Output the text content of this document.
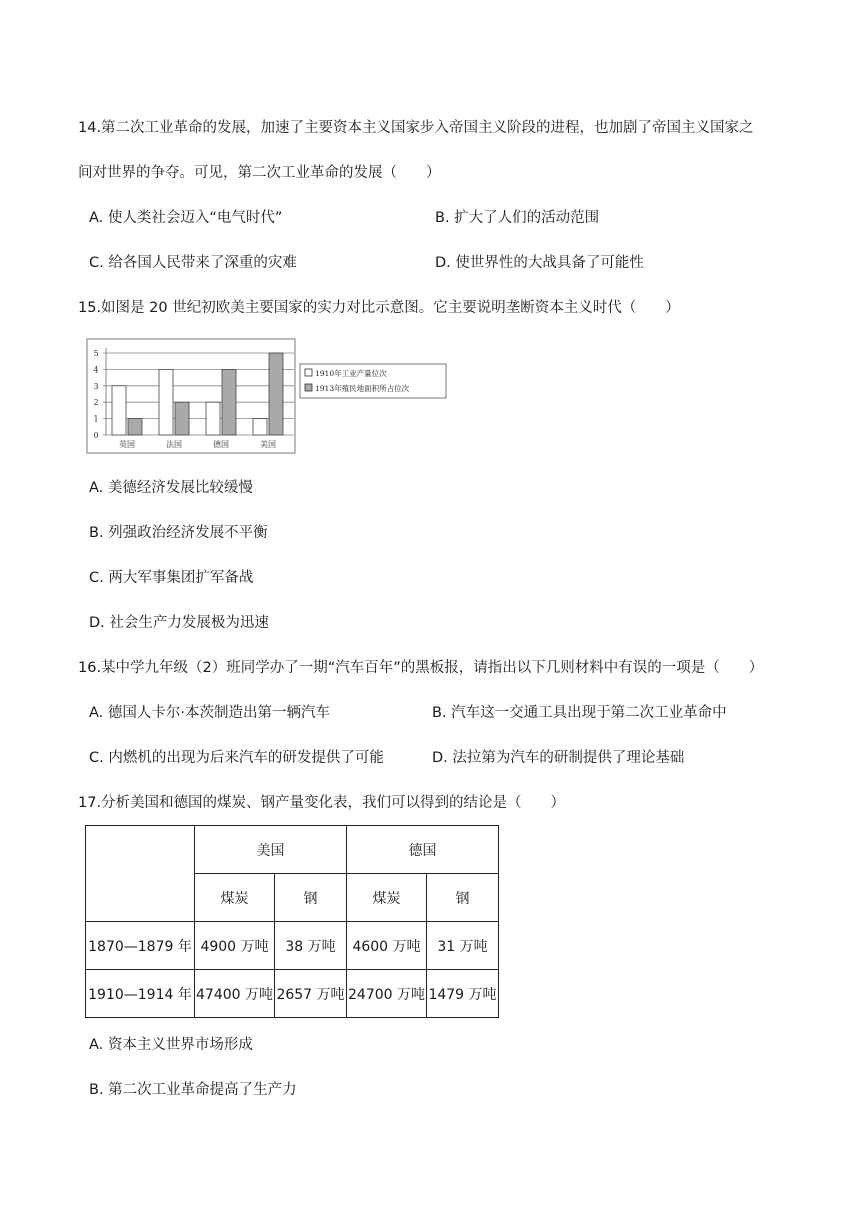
14.第二次工业革命的发展，加速了主要资本主义国家步入帝国主义阶段的进程，也加剧了帝国主义国家之
间对世界的争夺。可见，第二次工业革命的发展（　　）
A. 使人类社会迈入“电气时代”	B. 扩大了人们的活动范围
C. 给各国人民带来了深重的灾难	D. 使世界性的大战具备了可能性
15.如图是 20 世纪初欧美主要国家的实力对比示意图。它主要说明垄断资本主义时代（　　）
0
1
2
3
4
5
英国	法国	德国	美国
1910年工业产量位次
1913年殖民地面积所占位次
A. 美德经济发展比较缓慢
B. 列强政治经济发展不平衡
C. 两大军事集团扩军备战
D. 社会生产力发展极为迅速
16.某中学九年级（2）班同学办了一期“汽车百年”的黑板报，请指出以下几则材料中有误的一项是（　　）
A. 德国人卡尔·本茨制造出第一辆汽车	B. 汽车这一交通工具出现于第二次工业革命中
C. 内燃机的出现为后来汽车的研发提供了可能	D. 法拉第为汽车的研制提供了理论基础
17.分析美国和德国的煤炭、钢产量变化表，我们可以得到的结论是（　　）
	美国		德国	
	煤炭	钢	煤炭	钢
1870—1879 年	4900 万吨	38 万吨	4600 万吨	31 万吨
1910—1914 年	47400 万吨	2657 万吨	24700 万吨	1479 万吨
A. 资本主义世界市场形成
B. 第二次工业革命提高了生产力
